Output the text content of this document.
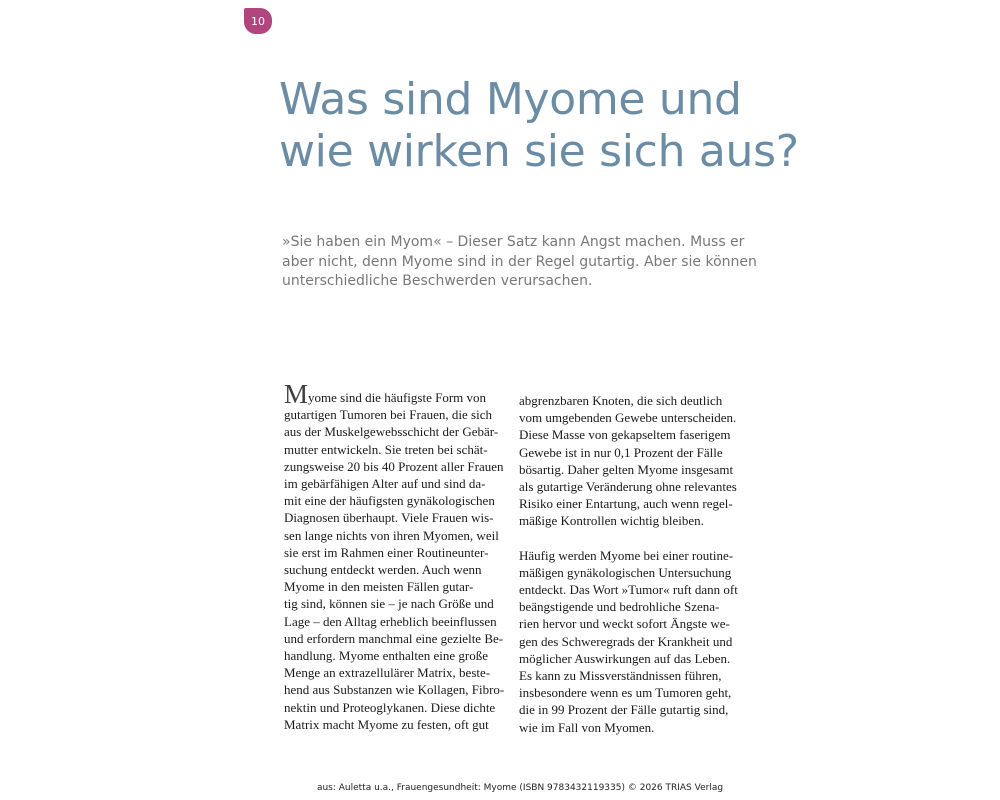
10
Was sind Myome und
wie wirken sie sich aus?

»Sie haben ein Myom« – Dieser Satz kann Angst machen. Muss er
aber nicht, denn Myome sind in der Regel gutartig. Aber sie können
unterschiedliche Beschwerden verursachen.

Myome sind die häufigste Form von
gutartigen Tumoren bei Frauen, die sich
aus der Muskelgewebsschicht der Gebär-
mutter entwickeln. Sie treten bei schät-
zungsweise 20 bis 40 Prozent aller Frauen
im gebärfähigen Alter auf und sind da-
mit eine der häufigsten gynäkologischen
Diagnosen überhaupt. Viele Frauen wis-
sen lange nichts von ihren Myomen, weil
sie erst im Rahmen einer Routineunter-
suchung entdeckt werden. Auch wenn
Myome in den meisten Fällen gutar-
tig sind, können sie – je nach Größe und
Lage – den Alltag erheblich beeinflussen
und erfordern manchmal eine gezielte Be-
handlung. Myome enthalten eine große
Menge an extrazellulärer Matrix, beste-
hend aus Substanzen wie Kollagen, Fibro-
nektin und Proteoglykanen. Diese dichte
Matrix macht Myome zu festen, oft gut
abgrenzbaren Knoten, die sich deutlich
vom umgebenden Gewebe unterscheiden.
Diese Masse von gekapseltem faserigem
Gewebe ist in nur 0,1 Prozent der Fälle
bösartig. Daher gelten Myome insgesamt
als gutartige Veränderung ohne relevantes
Risiko einer Entartung, auch wenn regel-
mäßige Kontrollen wichtig bleiben.
Häufig werden Myome bei einer routine-
mäßigen gynäkologischen Untersuchung
entdeckt. Das Wort »Tumor« ruft dann oft
beängstigende und bedrohliche Szena-
rien hervor und weckt sofort Ängste we-
gen des Schweregrads der Krankheit und
möglicher Auswirkungen auf das Leben.
Es kann zu Missverständnissen führen,
insbesondere wenn es um Tumoren geht,
die in 99 Prozent der Fälle gutartig sind,
wie im Fall von Myomen.
aus: Auletta u.a., Frauengesundheit: Myome (ISBN 9783432119335) © 2026 TRIAS Verlag
